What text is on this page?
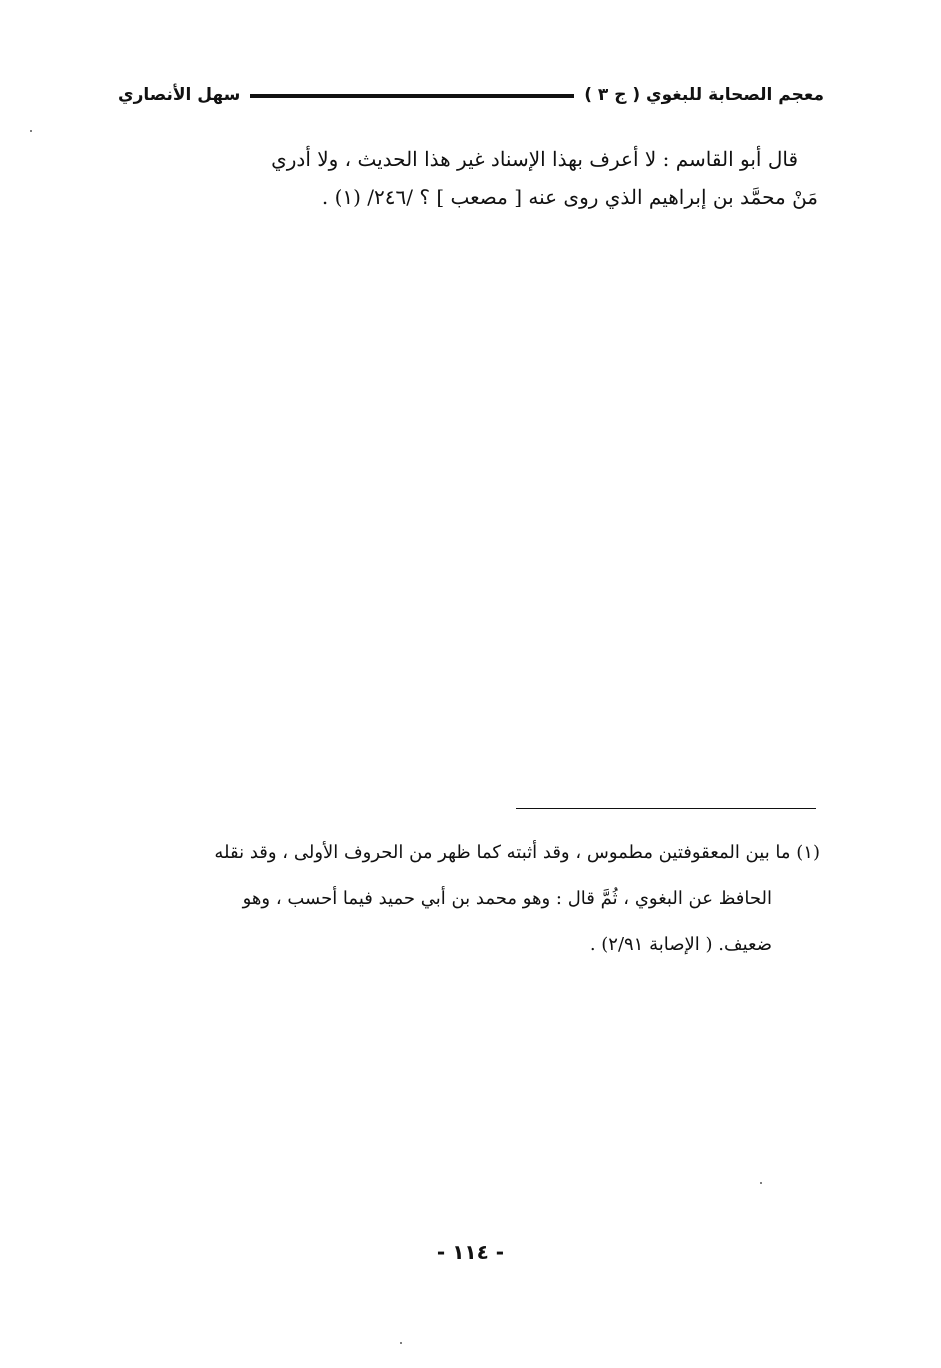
معجم الصحابة للبغوي ( ج ٣ )
سهل الأنصاري
قال أبو القاسم : لا أعرف بهذا الإسناد غير هذا الحديث ، ولا أدري
مَنْ محمَّد بن إبراهيم الذي روى عنه [ مصعب ] ؟ /٢٤٦/ (١) .
(١) ما بين المعقوفتين مطموس ، وقد أثبته كما ظهر من الحروف الأولى ، وقد نقله
الحافظ عن البغوي ، ثُمَّ قال : وهو محمد بن أبي حميد فيما أحسب ، وهو
ضعيف. ( الإصابة ٢/٩١) .
- ١١٤ -
